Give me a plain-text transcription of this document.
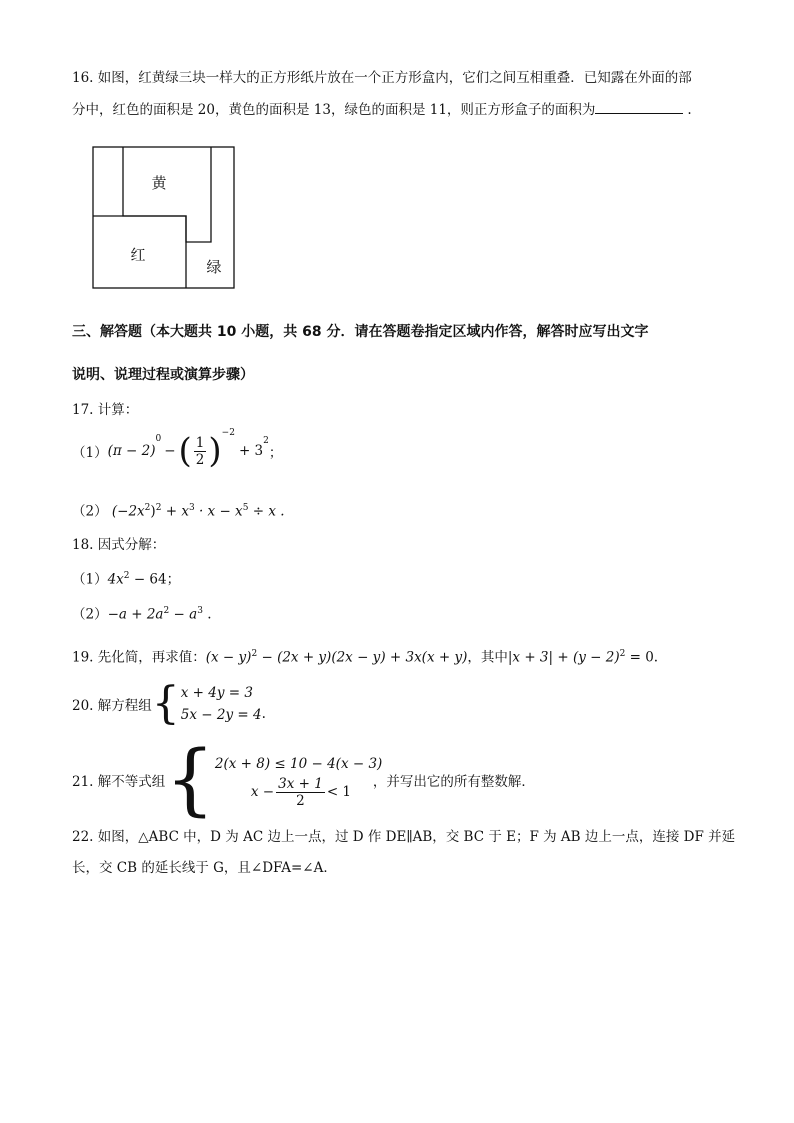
16. 如图，红黄绿三块一样大的正方形纸片放在一个正方形盒内，它们之间互相重叠．已知露在外面的部
分中，红色的面积是 20，黄色的面积是 13，绿色的面积是 11，则正方形盒子的面积为	.
黄
红
绿
三、解答题（本大题共 10 小题，共 68 分．请在答题卷指定区域内作答，解答时应写出文字
说明、说理过程或演算步骤）
17. 计算：
（1） (π − 2)
$^0$
− ( $\frac{1}{2} )^{-2}$
+ 3
$^2$
；
（2） $(-2x^2)^2 + x^3 \cdot x - x^5 \div x$ .
18. 因式分解：
$(1)4x^2 - 64$；
$(2)-a + 2a^2 - a^3$ .
19. 先化简，再求值：$(x - y)^2 - (2x + y)(2x - y) + 3x(x + y)$，其中$|x + 3| + (y - 2)^2 = 0$.
20. 解方程组 { x + 4y = 3
5x − 2y = 4 .
21. 解不等式组 { 2(x + 8) ≤ 10 − 4(x − 3)
$x - \frac{3x + 1}{2} < 1$
，并写出它的所有整数解．
22. 如图，△ABC 中，D 为 AC 边上一点，过 D 作 DE∥AB，交 BC 于 E；F 为 AB 边上一点，连接 DF 并延
长，交 CB 的延长线于 G，且∠DFA=∠A．
